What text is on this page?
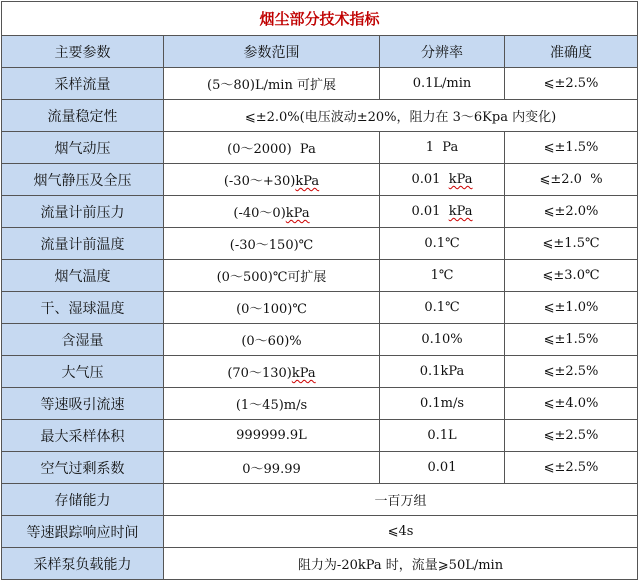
烟尘部分技术指标			
主要参数	参数范围	分辨率	准确度
采样流量	(5～80)L/min 可扩展	0.1L/min	⩽±2.5%
流量稳定性	⩽±2.0%(电压波动±20%，阻力在 3～6Kpa 内变化)		
烟气动压	(0～2000)  Pa	1  Pa	⩽±1.5%
烟气静压及全压	(-30～+30)kPa	0.01  kPa	⩽±2.0  %
流量计前压力	(-40～0)kPa	0.01  kPa	⩽±2.0%
流量计前温度	(-30～150)℃	0.1℃	⩽±1.5℃
烟气温度	(0～500)℃可扩展	1℃	⩽±3.0℃
干、湿球温度	(0～100)℃	0.1℃	⩽±1.0%
含湿量	(0～60)%	0.10%	⩽±1.5%
大气压	(70～130)kPa	0.1kPa	⩽±2.5%
等速吸引流速	(1～45)m/s	0.1m/s	⩽±4.0%
最大采样体积	999999.9L	0.1L	⩽±2.5%
空气过剩系数	0～99.99	0.01	⩽±2.5%
存储能力	一百万组		
等速跟踪响应时间	⩽4s		
采样泵负载能力	阻力为-20kPa 时，流量⩾50L/min		
